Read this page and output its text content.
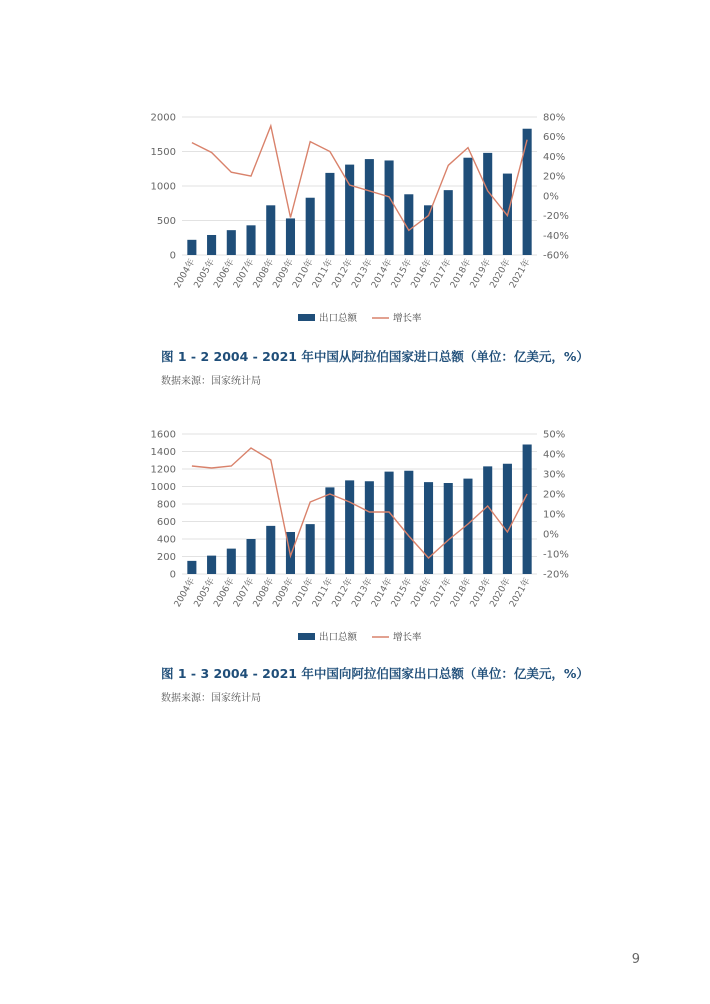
0
500
1000
1500
2000
-60%
-40%
-20%
0%
20%
40%
60%
80%
2004年
2005年
2006年
2007年
2008年
2009年
2010年
2011年
2012年
2013年
2014年
2015年
2016年
2017年
2018年
2019年
2020年
2021年
出口总额	增长率
图 1 - 2 2004 - 2021 年中国从阿拉伯国家进口总额（单位：亿美元，%）
数据来源：国家统计局
0
200
400
600
800
1000
1200
1400
1600
-20%
-10%
0%
10%
20%
30%
40%
50%
2004年
2005年
2006年
2007年
2008年
2009年
2010年
2011年
2012年
2013年
2014年
2015年
2016年
2017年
2018年
2019年
2020年
2021年
出口总额	增长率
图 1 - 3 2004 - 2021 年中国向阿拉伯国家出口总额（单位：亿美元，%）
数据来源：国家统计局
9
